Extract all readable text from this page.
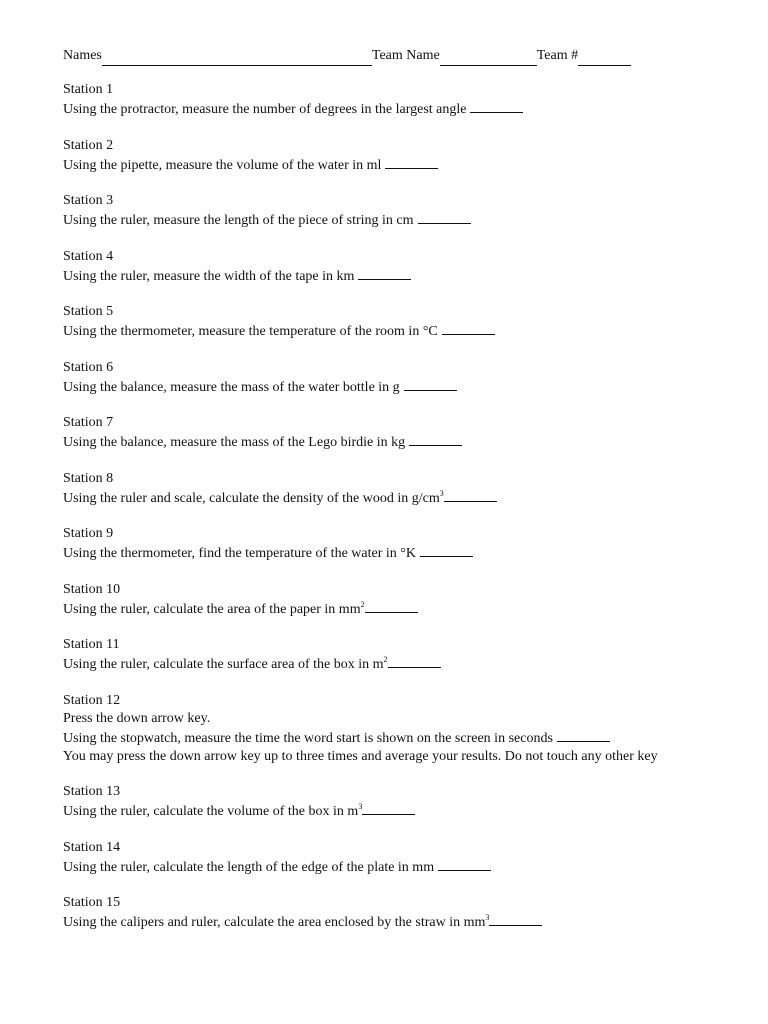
Names	Team Name	Team #
Station 1
Using the protractor, measure the number of degrees in the largest angle
Station 2
Using the pipette, measure the volume of the water in ml
Station 3
Using the ruler, measure the length of the piece of string in cm
Station 4
Using the ruler, measure the width of the tape in km
Station 5
Using the thermometer, measure the temperature of the room in °C
Station 6
Using the balance, measure the mass of the water bottle in g
Station 7
Using the balance, measure the mass of the Lego birdie in kg
Station 8
Using the ruler and scale, calculate the density of the wood in $g/cm^3$
Station 9
Using the thermometer, find the temperature of the water in °K
Station 10
Using the ruler, calculate the area of the paper in $mm^2$
Station 11
Using the ruler, calculate the surface area of the box in $m^2$
Station 12
Press the down arrow key.
Using the stopwatch, measure the time the word start is shown on the screen in seconds
You may press the down arrow key up to three times and average your results. Do not touch any other key
Station 13
Using the ruler, calculate the volume of the box in $m^3$
Station 14
Using the ruler, calculate the length of the edge of the plate in mm
Station 15
Using the calipers and ruler, calculate the area enclosed by the straw in $mm^3$
